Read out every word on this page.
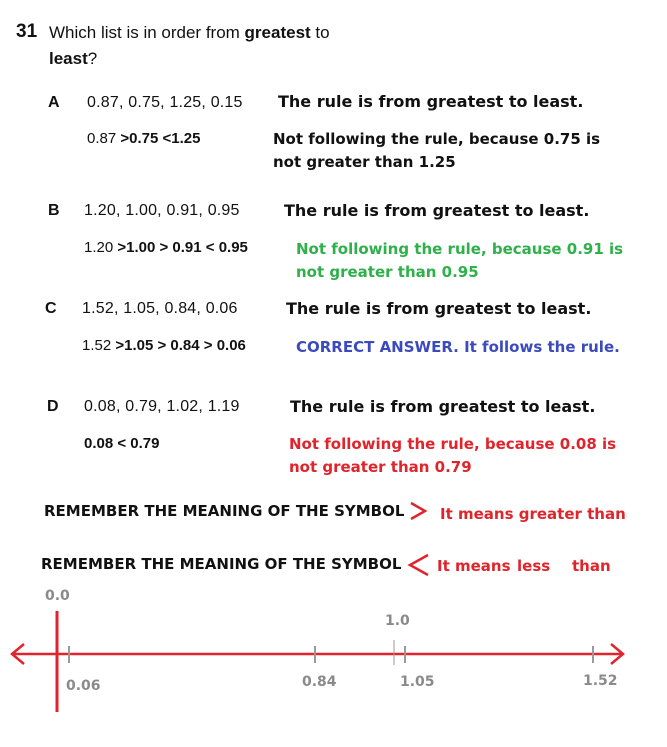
31 Which list is in order from greatest to
least?
A 0.87, 0.75, 1.25, 0.15 The rule is from greatest to least.
0.87 >0.75 <1.25	Not following the rule, because 0.75 is not greater than 1.25
B 1.20, 1.00, 0.91, 0.95	The rule is from greatest to least.
1.20 >1.00 > 0.91 < 0.95	Not following the rule, because 0.91 is not greater than 0.95
C 1.52, 1.05, 0.84, 0.06	The rule is from greatest to least.
1.52 >1.05 > 0.84 > 0.06	CORRECT ANSWER. It follows the rule.
D 0.08, 0.79, 1.02, 1.19	The rule is from greatest to least.
0.08 < 0.79	Not following the rule, because 0.08 is not greater than 0.79
REMEMBER THE MEANING OF THE SYMBOL It means greater than
REMEMBER THE MEANING OF THE SYMBOL It means less than
0.0
1.0
0.06	0.84	1.05	1.52
